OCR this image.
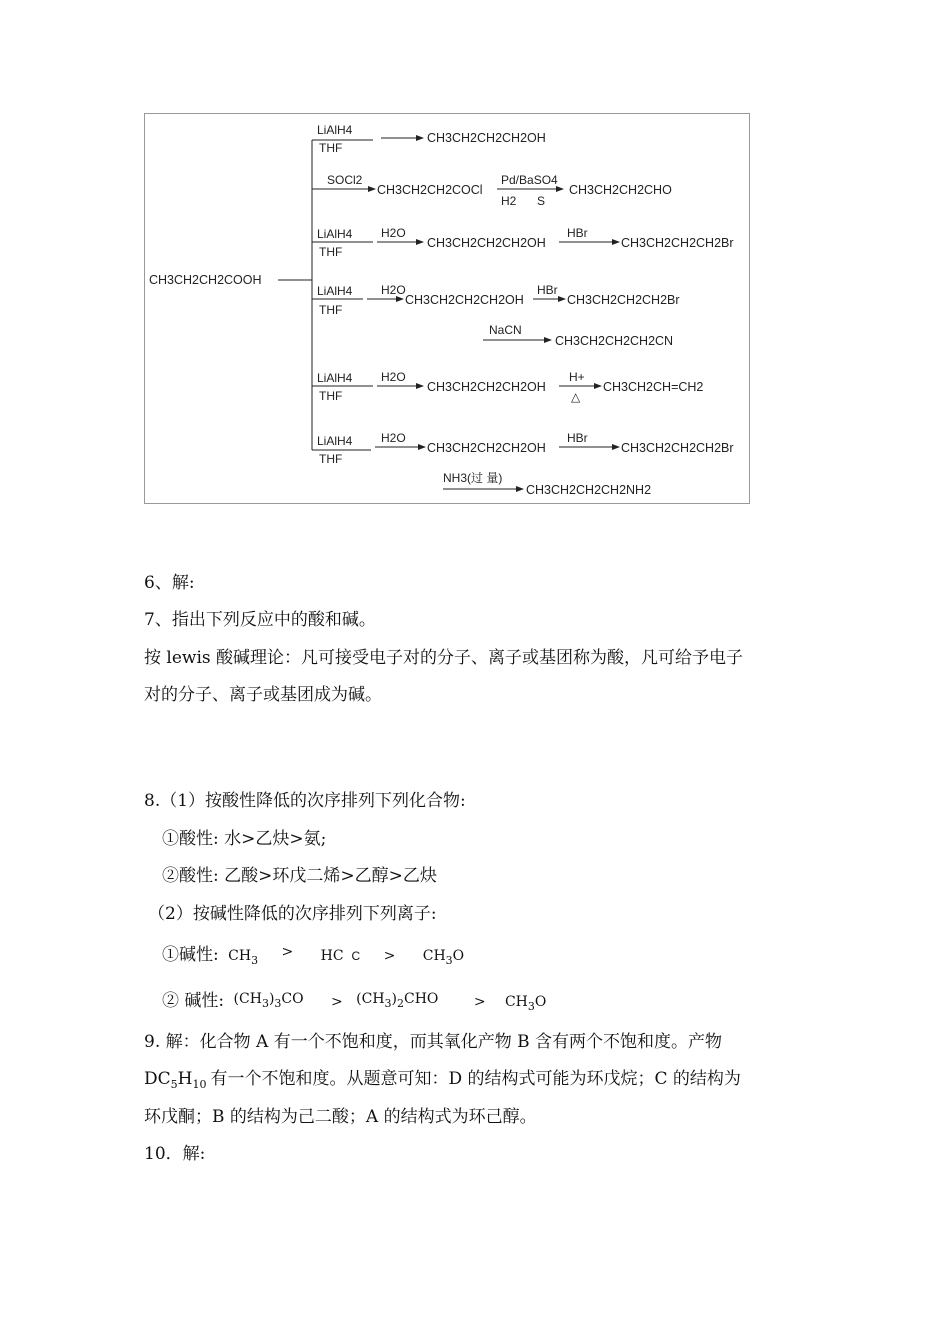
CH3CH2CH2COOH
LiAlH4
THF
CH3CH2CH2CH2OH
SOCl2
CH3CH2CH2COCl
Pd/BaSO4
H2 S
CH3CH2CH2CHO
LiAlH4
THF
H2O
CH3CH2CH2CH2OH
HBr
CH3CH2CH2CH2Br
LiAlH4
THF
H2O
CH3CH2CH2CH2OH
HBr
CH3CH2CH2CH2Br
NaCN
CH3CH2CH2CH2CN
LiAlH4
THF
H2O
CH3CH2CH2CH2OH
H+
△
CH3CH2CH=CH2
LiAlH4
THF
H2O
CH3CH2CH2CH2OH
HBr
CH3CH2CH2CH2Br
NH3(过 量)
CH3CH2CH2CH2NH2
6、解:
7、指出下列反应中的酸和碱。
按 lewis 酸碱理论：凡可接受电子对的分子、离子或基团称为酸，凡可给予电子
对的分子、离子或基团成为碱。
8.（1）按酸性降低的次序排列下列化合物:
①酸性: 水>乙炔>氨;
②酸性: 乙酸>环戊二烯>乙醇>乙炔
（2）按碱性降低的次序排列下列离子:
①碱性: $CH_3$ > HC $C > CH_3O$
② 碱性: $(CH_3)_3CO > (CH_3)_2CHO$	> $CH_3O$
9. 解：化合物 A 有一个不饱和度，而其氧化产物 B 含有两个不饱和度。产物
$DC_5H_{10}$ 有一个不饱和度。从题意可知：D 的结构式可能为环戊烷；C 的结构为
环戊酮；B 的结构为己二酸；A 的结构式为环己醇。
10．解:
